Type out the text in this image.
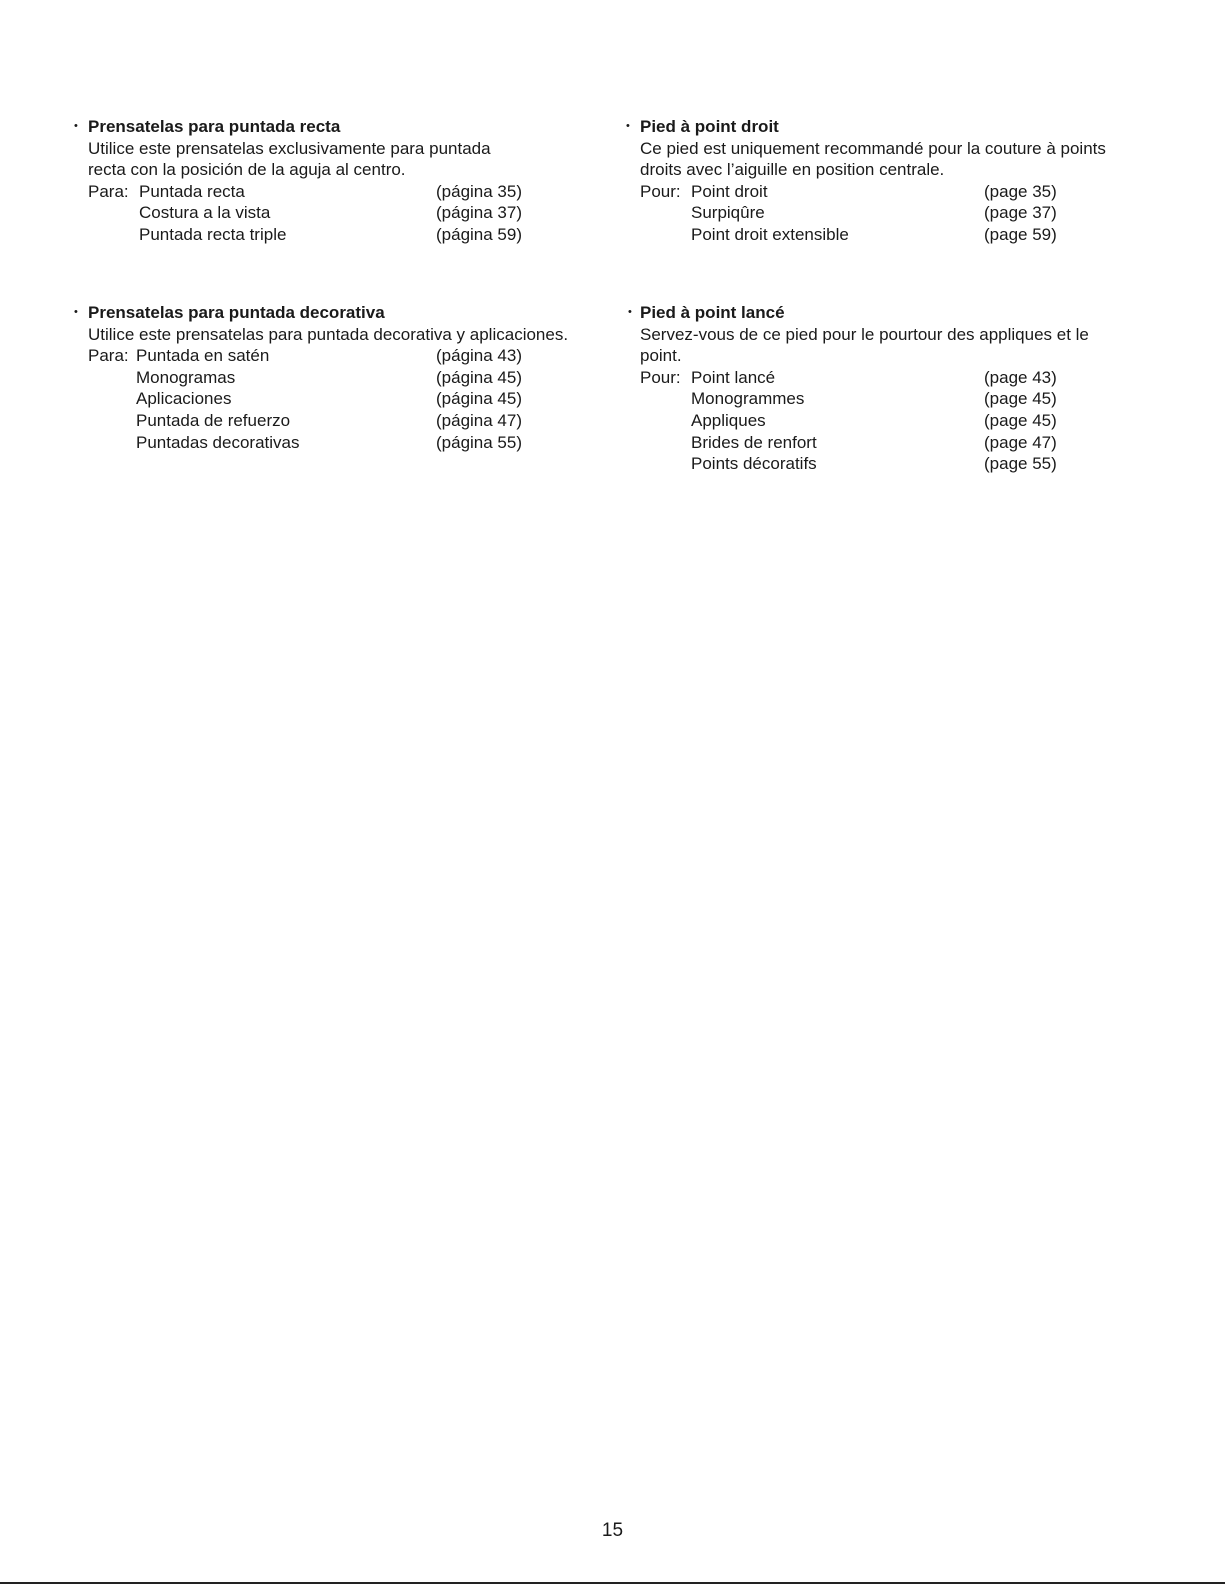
• Prensatelas para puntada recta

Utilice este prensatelas exclusivamente para puntada recta con la posición de la aguja al centro.

Para: Puntada recta	(página 35)
Costura a la vista	(página 37)
Puntada recta triple	(página 59)
• Prensatelas para puntada decorativa

Utilice este prensatelas para puntada decorativa y aplicaciones.

Para: Puntada en satén	(página 43)
Monogramas	(página 45)
Aplicaciones	(página 45)
Puntada de refuerzo	(página 47)
Puntadas decorativas	(página 55)
• Pied à point droit

Ce pied est uniquement recommandé pour la couture à points droits avec l’aiguille en position centrale.

Pour: Point droit	(page 35)
Surpiqûre	(page 37)
Point droit extensible	(page 59)
• Pied à point lancé

Servez-vous de ce pied pour le pourtour des appliques et le point.

Pour: Point lancé	(page 43)
Monogrammes	(page 45)
Appliques	(page 45)
Brides de renfort	(page 47)
Points décoratifs	(page 55)
15
